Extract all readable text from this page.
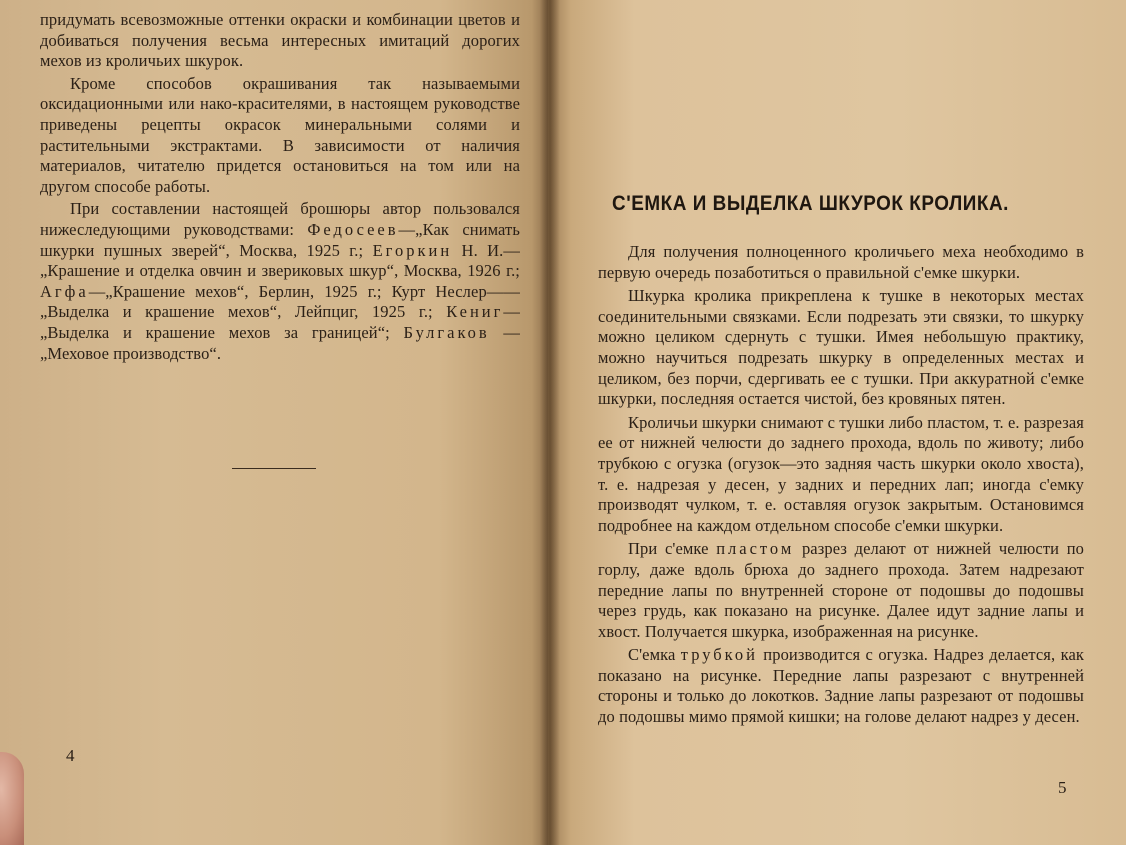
придумать всевозможные оттенки окраски и комбинации цветов и добиваться получения весьма интересных имитаций дорогих мехов из кроличьих шкурок.

Кроме способов окрашивания так называемыми оксидационными или нако-красителями, в настоящем руководстве приведены рецепты окрасок минеральными солями и растительными экстрактами. В зависимости от наличия материалов, читателю придется остановиться на том или на другом способе работы.

При составлении настоящей брошюры автор пользовался нижеследующими руководствами: Федосеев—„Как снимать шкурки пушных зверей“, Москва, 1925 г.; Егоркин Н. И.—„Крашение и отделка овчин и звериковых шкур“, Москва, 1926 г.; Агфа—„Крашение мехов“, Берлин, 1925 г.; Курт Неслер——„Выделка и крашение мехов“, Лейпциг, 1925 г.; Кениг—„Выделка и крашение мехов за границей“; Булгаков — „Меховое производство“.

4
С'ЕМКА И ВЫДЕЛКА ШКУРОК КРОЛИКА.

Для получения полноценного кроличьего меха необходимо в первую очередь позаботиться о правильной с'емке шкурки.

Шкурка кролика прикреплена к тушке в некоторых местах соединительными связками. Если подрезать эти связки, то шкурку можно целиком сдернуть с тушки. Имея небольшую практику, можно научиться подрезать шкурку в определенных местах и целиком, без порчи, сдергивать ее с тушки. При аккуратной с'емке шкурки, последняя остается чистой, без кровяных пятен.

Кроличьи шкурки снимают с тушки либо пластом, т. е. разрезая ее от нижней челюсти до заднего прохода, вдоль по животу; либо трубкою с огузка (огузок—это задняя часть шкурки около хвоста), т. е. надрезая у десен, у задних и передних лап; иногда с'емку производят чулком, т. е. оставляя огузок закрытым. Остановимся подробнее на каждом отдельном способе с'емки шкурки.

При с'емке пластом разрез делают от нижней челюсти по горлу, даже вдоль брюха до заднего прохода. Затем надрезают передние лапы по внутренней стороне от подошвы до подошвы через грудь, как показано на рисунке. Далее идут задние лапы и хвост. Получается шкурка, изображенная на рисунке.

С'емка трубкой производится с огузка. Надрез делается, как показано на рисунке. Передние лапы разрезают с внутренней стороны и только до локотков. Задние лапы разрезают от подошвы до подошвы мимо прямой кишки; на голове делают надрез у десен.

5
